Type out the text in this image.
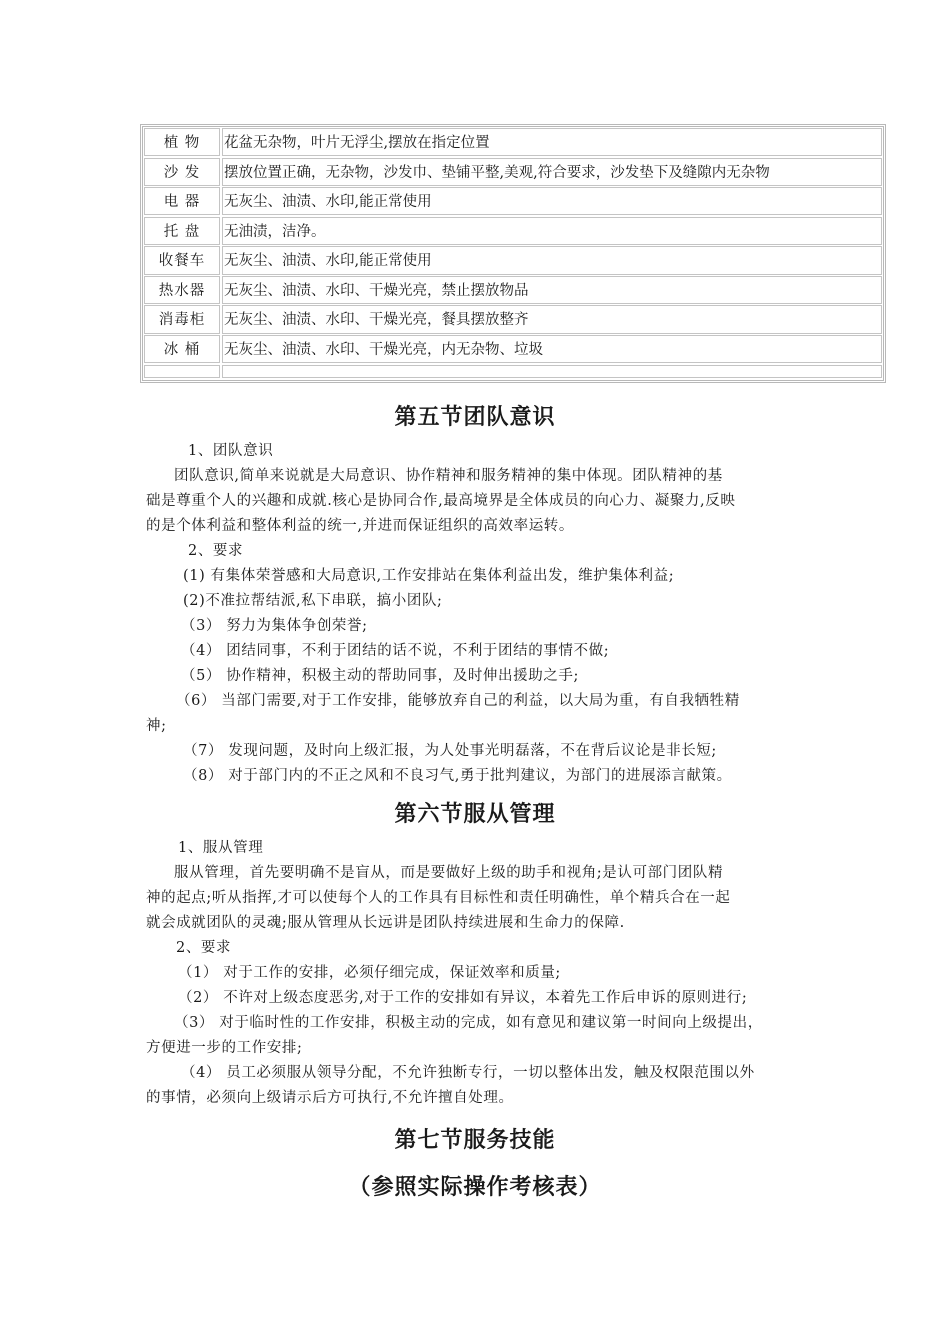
植 物	花盆无杂物，叶片无浮尘,摆放在指定位置
沙 发	摆放位置正确，无杂物，沙发巾、垫铺平整,美观,符合要求，沙发垫下及缝隙内无杂物
电 器	无灰尘、油渍、水印,能正常使用
托 盘	无油渍，洁净。
收餐车	无灰尘、油渍、水印,能正常使用
热水器	无灰尘、油渍、水印、干燥光亮，禁止摆放物品
消毒柜	无灰尘、油渍、水印、干燥光亮，餐具摆放整齐
冰 桶	无灰尘、油渍、水印、干燥光亮，内无杂物、垃圾
第五节团队意识
1、团队意识
团队意识,简单来说就是大局意识、协作精神和服务精神的集中体现。团队精神的基
础是尊重个人的兴趣和成就.核心是协同合作,最高境界是全体成员的向心力、凝聚力,反映
的是个体利益和整体利益的统一,并进而保证组织的高效率运转。
2、要求
(1) 有集体荣誉感和大局意识,工作安排站在集体利益出发，维护集体利益;
(2)不准拉帮结派,私下串联，搞小团队;
（3） 努力为集体争创荣誉;
（4） 团结同事，不利于团结的话不说，不利于团结的事情不做;
（5） 协作精神，积极主动的帮助同事，及时伸出援助之手;
（6） 当部门需要,对于工作安排，能够放弃自己的利益，以大局为重，有自我牺牲精
神;
（7） 发现问题，及时向上级汇报，为人处事光明磊落，不在背后议论是非长短;
（8） 对于部门内的不正之风和不良习气,勇于批判建议，为部门的进展添言献策。
第六节服从管理
1、服从管理
服从管理，首先要明确不是盲从，而是要做好上级的助手和视角;是认可部门团队精
神的起点;听从指挥,才可以使每个人的工作具有目标性和责任明确性，单个精兵合在一起
就会成就团队的灵魂;服从管理从长远讲是团队持续进展和生命力的保障.
2、要求
（1） 对于工作的安排，必须仔细完成，保证效率和质量;
（2） 不许对上级态度恶劣,对于工作的安排如有异议，本着先工作后申诉的原则进行;
（3） 对于临时性的工作安排，积极主动的完成，如有意见和建议第一时间向上级提出，
方便进一步的工作安排;
（4） 员工必须服从领导分配，不允许独断专行，一切以整体出发，触及权限范围以外
的事情，必须向上级请示后方可执行,不允许擅自处理。
第七节服务技能
（参照实际操作考核表）
